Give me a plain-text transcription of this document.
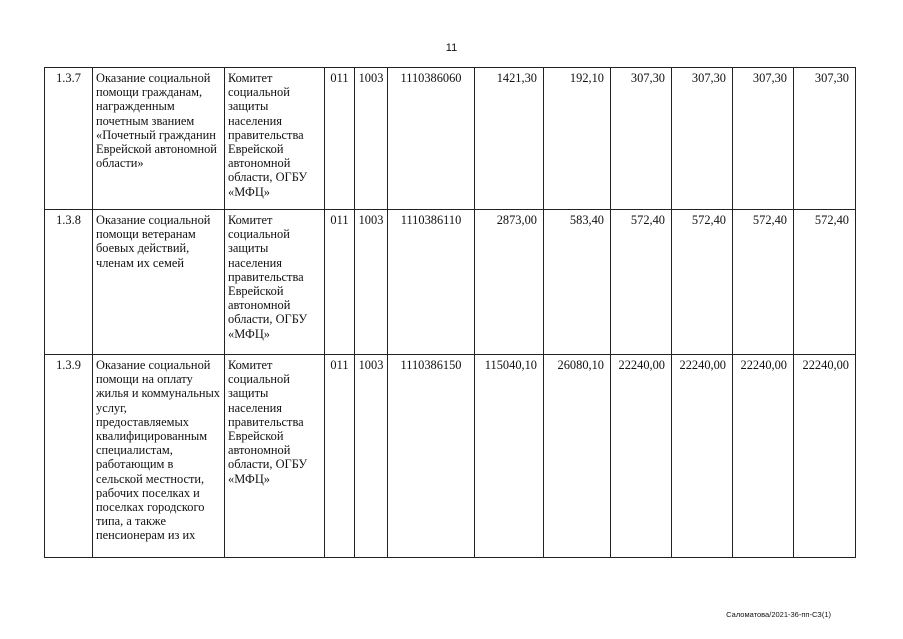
11
1.3.7	Оказание социальной помощи гражданам, награжденным почетным званием «Почетный гражданин Еврейской автономной области»	Комитет социальной защиты населения правительства Еврейской автономной области, ОГБУ «МФЦ»	011	1003	1110386060	1421,30	192,10	307,30	307,30	307,30	307,30
1.3.8	Оказание социальной помощи ветеранам боевых действий, членам их семей	Комитет социальной защиты населения правительства Еврейской автономной области, ОГБУ «МФЦ»	011	1003	1110386110	2873,00	583,40	572,40	572,40	572,40	572,40
1.3.9	Оказание социальной помощи на оплату жилья и коммунальных услуг, предоставляемых квалифицированным специалистам, работающим в сельской местности, рабочих поселках и поселках городского типа, а также пенсионерам из их	Комитет социальной защиты населения правительства Еврейской автономной области, ОГБУ «МФЦ»	011	1003	1110386150	115040,10	26080,10	22240,00	22240,00	22240,00	22240,00
Саломатова/2021-36-пп-СЗ(1)
